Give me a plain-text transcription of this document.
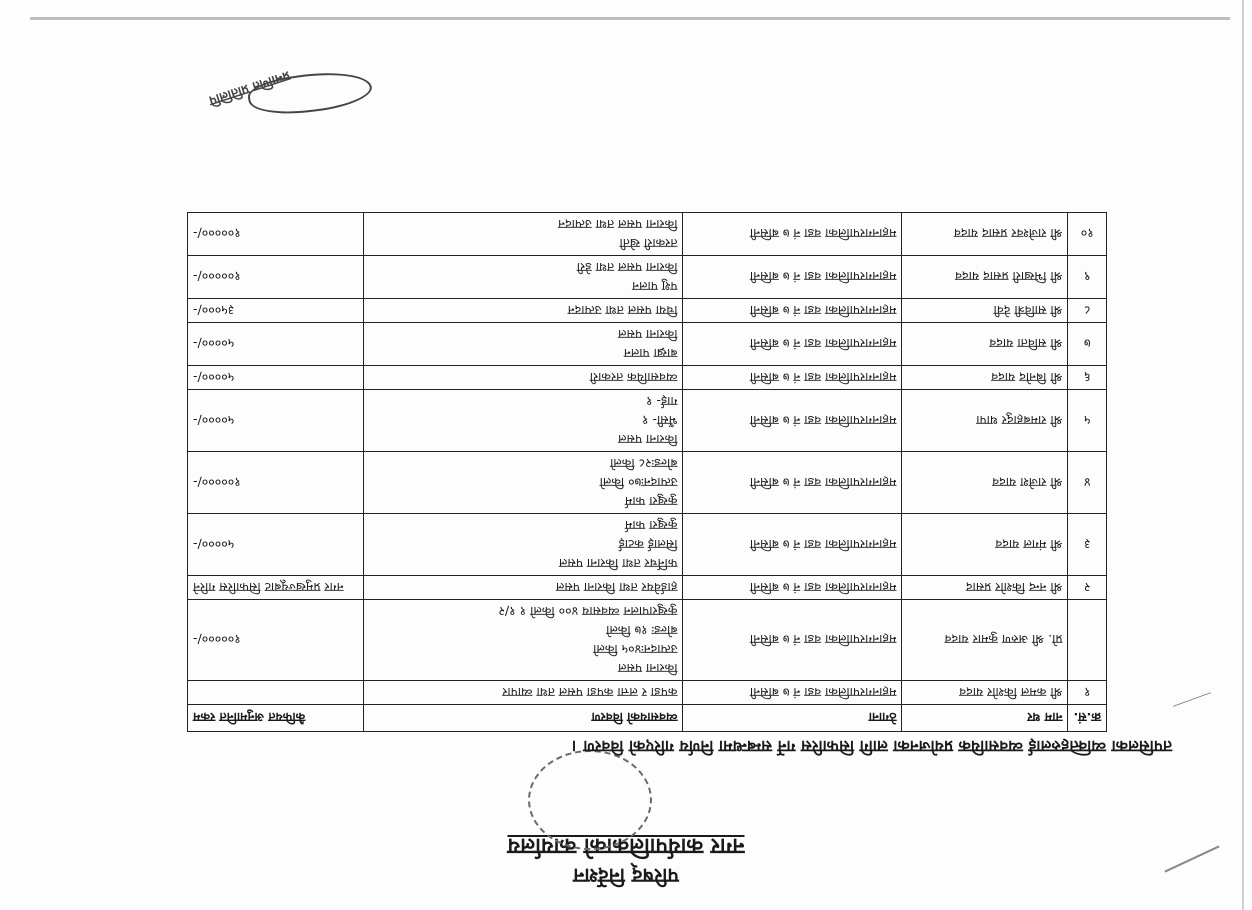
परिषद् निर्देशन
नगर कार्यपालिकाको कार्यालय
तपसिलका व्यक्तिहरुलाई व्यवसायिक प्रयोजनका लागि सिफारिस गर्ने सम्बन्धमा निर्णय गरिएको विवरण ।
क्र.सं.	नाम थर	ठेगाना	व्यवसायको विवरण	कैफियत अनुमानित रकम
१	श्री कमल किशोर यादव	महानगरपालिका वडा नं ७ बसिनी	कपडा र लत्ता कपडा पसल तथा व्यापार	

	प्रो. श्री अरुण कुमार यादव	महानगरपालिका वडा नं ७ बसिनी	किराना पसल
उत्पादनः४०५ किलो
बोल्डः १७ किलो
कुखुरापालन व्यवसाय ४०० किलो १ १/२	१०००००/-
२	श्री नन्द किशोर प्रसाद	महानगरपालिका वडा नं ७ बसिनी	हार्डवेयर तथा किराना पसल	नगर प्रमुखज्यूबाट सिफारिस गरिने
३	श्री मंगल यादव	महानगरपालिका वडा नं ७ बसिनी	फर्निचर तथा किराना पसल
सिलाई कटाई
कुखुरा फार्म	५००००/-
४	श्री राजेश यादव	महानगरपालिका वडा नं ७ बसिनी	कुखुरा फार्म
उत्पादनः७० किलो
बोल्डः२८ किलो	१०००००/-
५	श्री रामबहादुर थापा	महानगरपालिका वडा नं ७ बसिनी	किराना पसल
भैंसी- १
गाई- १	५००००/-
६	श्री बिनोद यादव	महानगरपालिका वडा नं ७ बसिनी	व्यवसायिक तरकारी	५००००/-
७	श्री सविता यादव	महानगरपालिका वडा नं ७ बसिनी	बाख्रा पालन
किराना पसल	५००००/-
८	श्री सावित्री देवी	महानगरपालिका वडा नं ७ बसिनी	चिया पसल तथा उत्पादन	३५०००/-
९	श्री भिखारी प्रसाद यादव	महानगरपालिका वडा नं ७ बसिनी	पशु पालन
किराना पसल तथा डेरी	१०००००/-
१०	श्री राजेश्वर प्रसाद यादव	महानगरपालिका वडा नं ७ बसिनी	तरकारी खेती
किराना पसल तथा उत्पादन	१०००००/-
प्रमाणित प्रतिलिपि
